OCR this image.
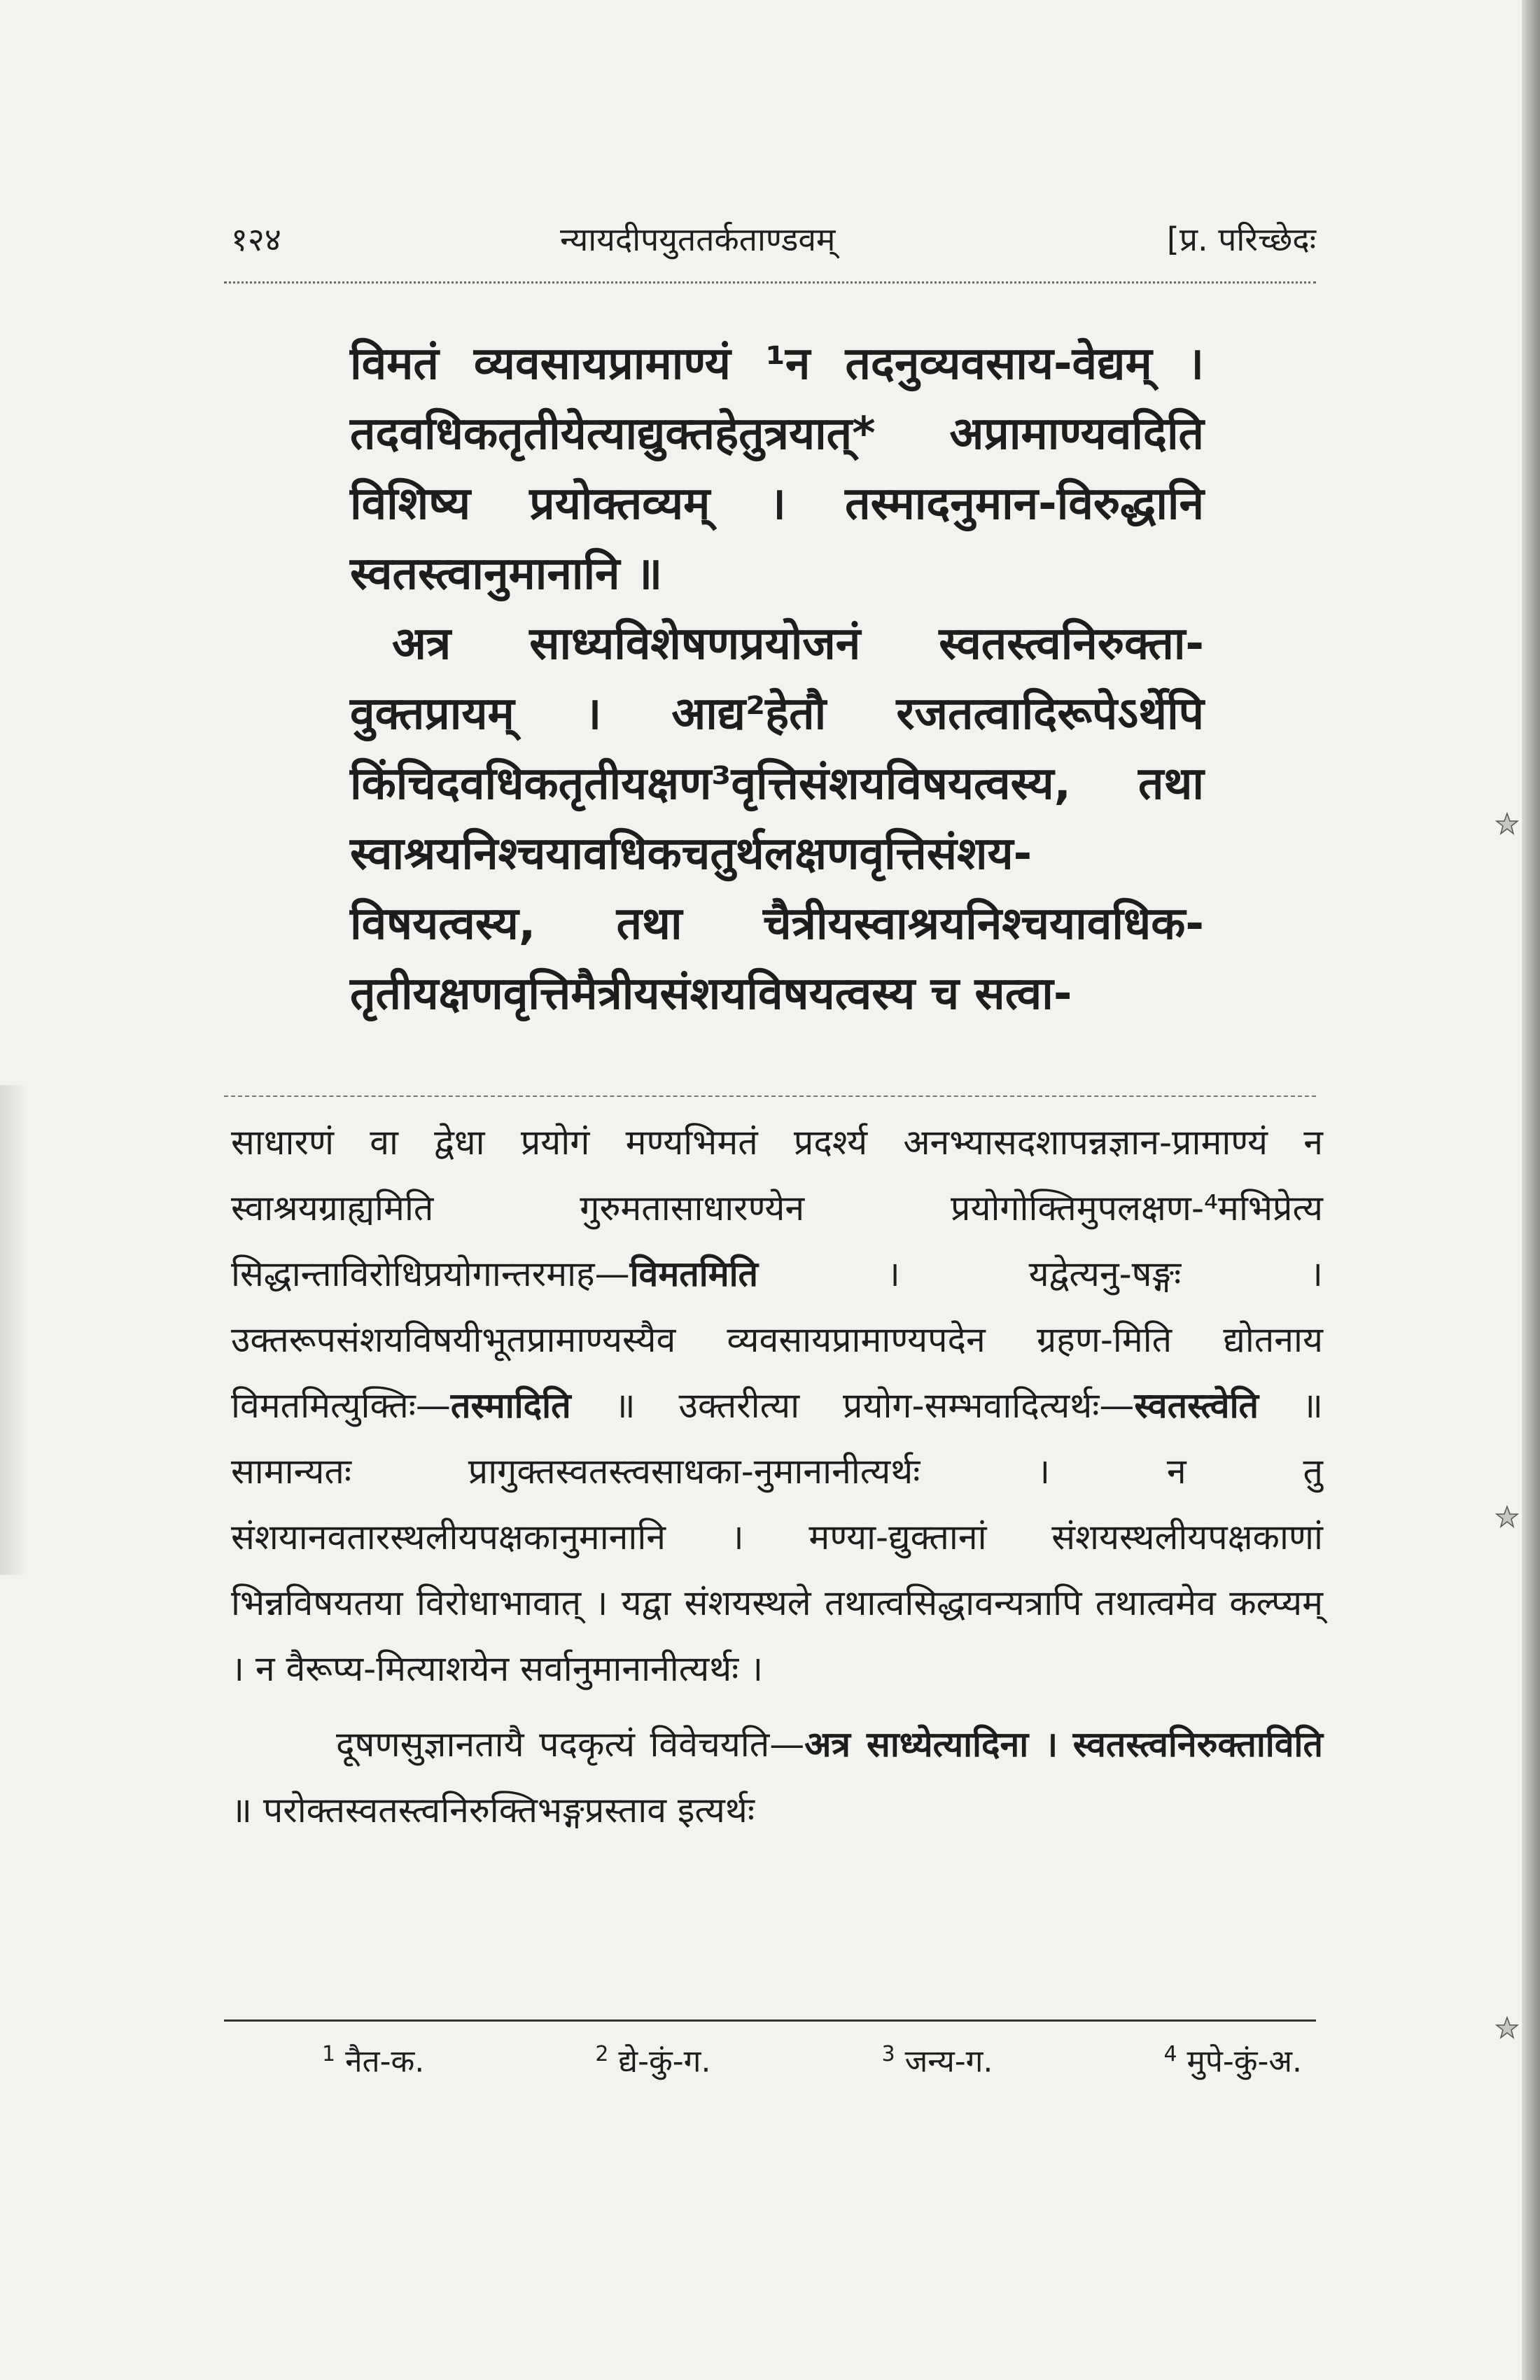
१२४	न्यायदीपयुततर्कताण्डवम्	[प्र. परिच्छेदः

विमतं व्यवसायप्रामाण्यं ¹न तदनुव्यवसाय-वेद्यम् । तदवधिकतृतीयेत्याद्युक्तहेतुत्रयात्* अप्रामाण्यवदिति विशिष्य प्रयोक्तव्यम् । तस्मादनुमान-विरुद्धानि स्वतस्त्वानुमानानि ॥

अत्र साध्यविशेषणप्रयोजनं स्वतस्त्वनिरुक्ता-वुक्तप्रायम् । आद्य²हेतौ रजतत्वादिरूपेऽर्थेपि किंचिदवधिकतृतीयक्षण³वृत्तिसंशयविषयत्वस्य, तथा स्वाश्रयनिश्चयावधिकचतुर्थलक्षणवृत्तिसंशय-विषयत्वस्य, तथा चैत्रीयस्वाश्रयनिश्चयावधिक-तृतीयक्षणवृत्तिमैत्रीयसंशयविषयत्वस्य च सत्वा-

साधारणं वा द्वेधा प्रयोगं मण्यभिमतं प्रदर्श्य अनभ्यासदशापन्नज्ञान-प्रामाण्यं न स्वाश्रयग्राह्यमिति गुरुमतासाधारण्येन प्रयोगोक्तिमुपलक्षण-⁴मभिप्रेत्य सिद्धान्ताविरोधिप्रयोगान्तरमाह—विमतमिति	। यद्वेत्यनु-षङ्गः । उक्तरूपसंशयविषयीभूतप्रामाण्यस्यैव व्यवसायप्रामाण्यपदेन ग्रहण-मिति द्योतनाय विमतमित्युक्तिः—तस्मादिति ॥ उक्तरीत्या प्रयोग-सम्भवादित्यर्थः—स्वतस्त्वेति ॥ सामान्यतः प्रागुक्तस्वतस्त्वसाधका-नुमानानीत्यर्थः । न तु संशयानवतारस्थलीयपक्षकानुमानानि । मण्या-द्युक्तानां संशयस्थलीयपक्षकाणां भिन्नविषयतया विरोधाभावात् । यद्वा संशयस्थले तथात्वसिद्धावन्यत्रापि तथात्वमेव कल्प्यम् । न वैरूप्य-मित्याशयेन सर्वानुमानानीत्यर्थः ।

दूषणसुज्ञानतायै पदकृत्यं विवेचयति—अत्र साध्येत्यादिना । स्वतस्त्वनिरुक्ताविति ॥ परोक्तस्वतस्त्वनिरुक्तिभङ्गप्रस्ताव इत्यर्थः

$^1$ नैत-क.	$^2$ द्ये-कुं-ग.	$^3$ जन्य-ग.	$^4$ मुपे-कुं-अ.
